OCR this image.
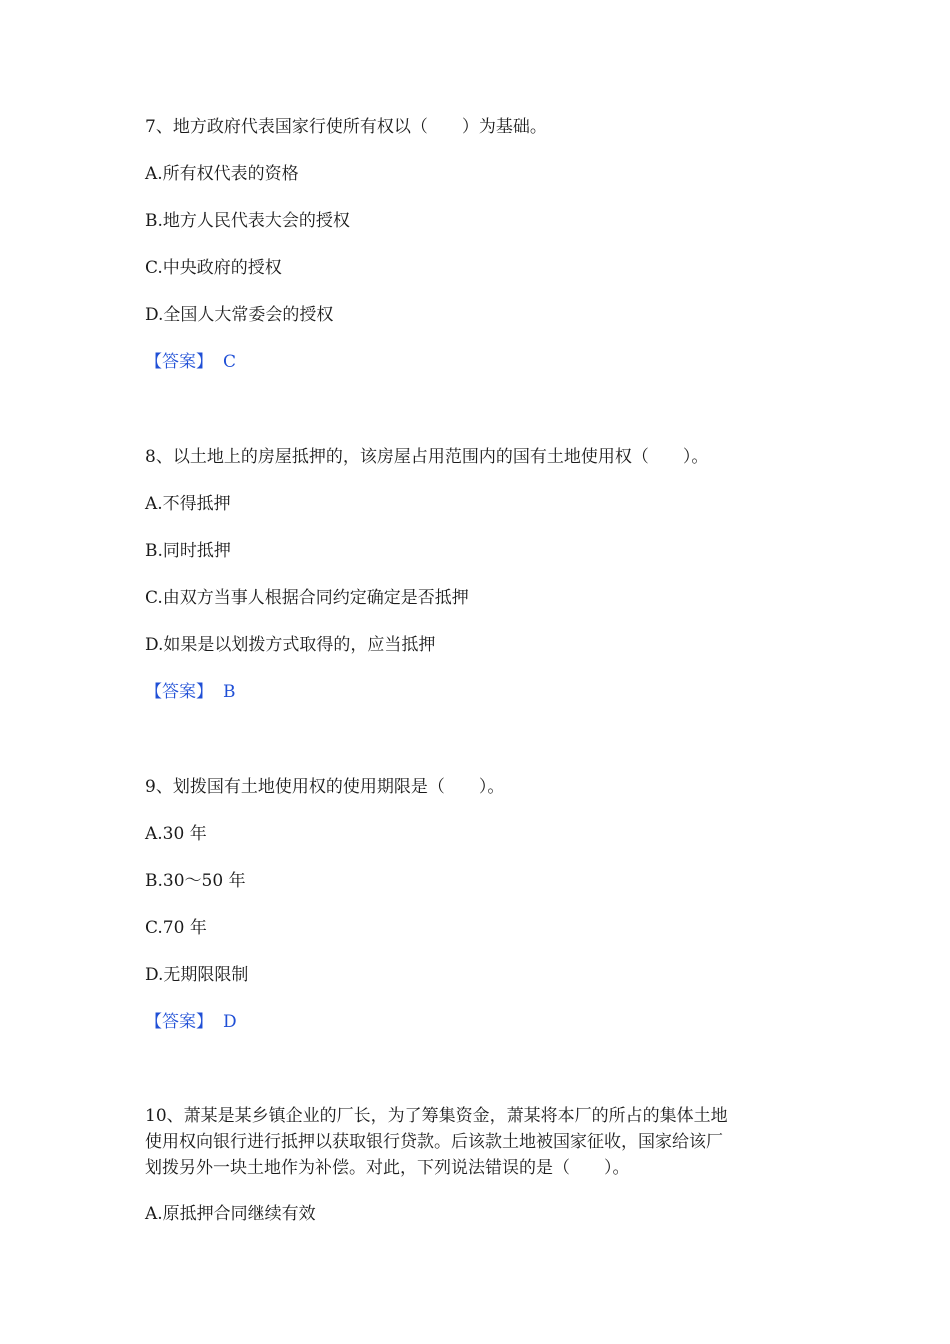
7、地方政府代表国家行使所有权以（　　）为基础。
A.所有权代表的资格
B.地方人民代表大会的授权
C.中央政府的授权
D.全国人大常委会的授权
【答案】 C
8、以土地上的房屋抵押的，该房屋占用范围内的国有土地使用权（　　）。
A.不得抵押
B.同时抵押
C.由双方当事人根据合同约定确定是否抵押
D.如果是以划拨方式取得的，应当抵押
【答案】 B
9、划拨国有土地使用权的使用期限是（　　）。
A.30 年
B.30～50 年
C.70 年
D.无期限限制
【答案】 D
10、萧某是某乡镇企业的厂长，为了筹集资金，萧某将本厂的所占的集体土地
使用权向银行进行抵押以获取银行贷款。后该款土地被国家征收，国家给该厂
划拨另外一块土地作为补偿。对此，下列说法错误的是（　　）。
A.原抵押合同继续有效
